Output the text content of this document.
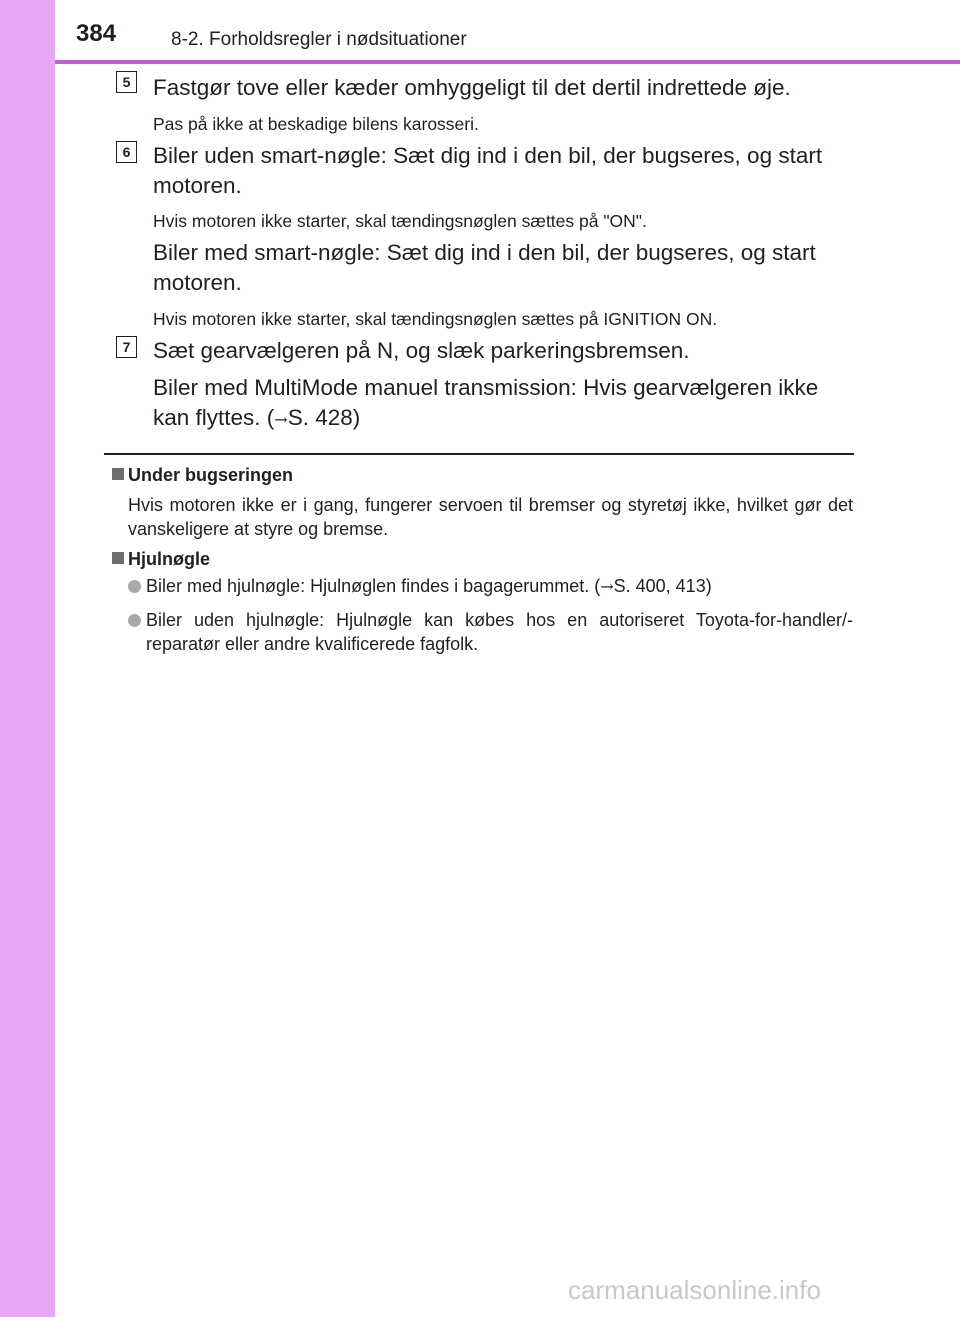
384	8-2. Forholdsregler i nødsituationer
5 Fastgør tove eller kæder omhyggeligt til det dertil indrettede øje.
Pas på ikke at beskadige bilens karosseri.
6 Biler uden smart-nøgle: Sæt dig ind i den bil, der bugseres, og start
motoren.
Hvis motoren ikke starter, skal tændingsnøglen sættes på "ON".
Biler med smart-nøgle: Sæt dig ind i den bil, der bugseres, og start
motoren.
Hvis motoren ikke starter, skal tændingsnøglen sættes på IGNITION ON.
7 Sæt gearvælgeren på N, og slæk parkeringsbremsen.
Biler med MultiMode manuel transmission: Hvis gearvælgeren ikke
kan flyttes. (→S. 428)
Under bugseringen
Hvis motoren ikke er i gang, fungerer servoen til bremser og styretøj ikke, hvilket gør det vanskeligere at styre og bremse.
Hjulnøgle
Biler med hjulnøgle: Hjulnøglen findes i bagagerummet. (→S. 400, 413)
Biler uden hjulnøgle: Hjulnøgle kan købes hos en autoriseret Toyota-for-handler/-reparatør eller andre kvalificerede fagfolk.
carmanualsonline.info
